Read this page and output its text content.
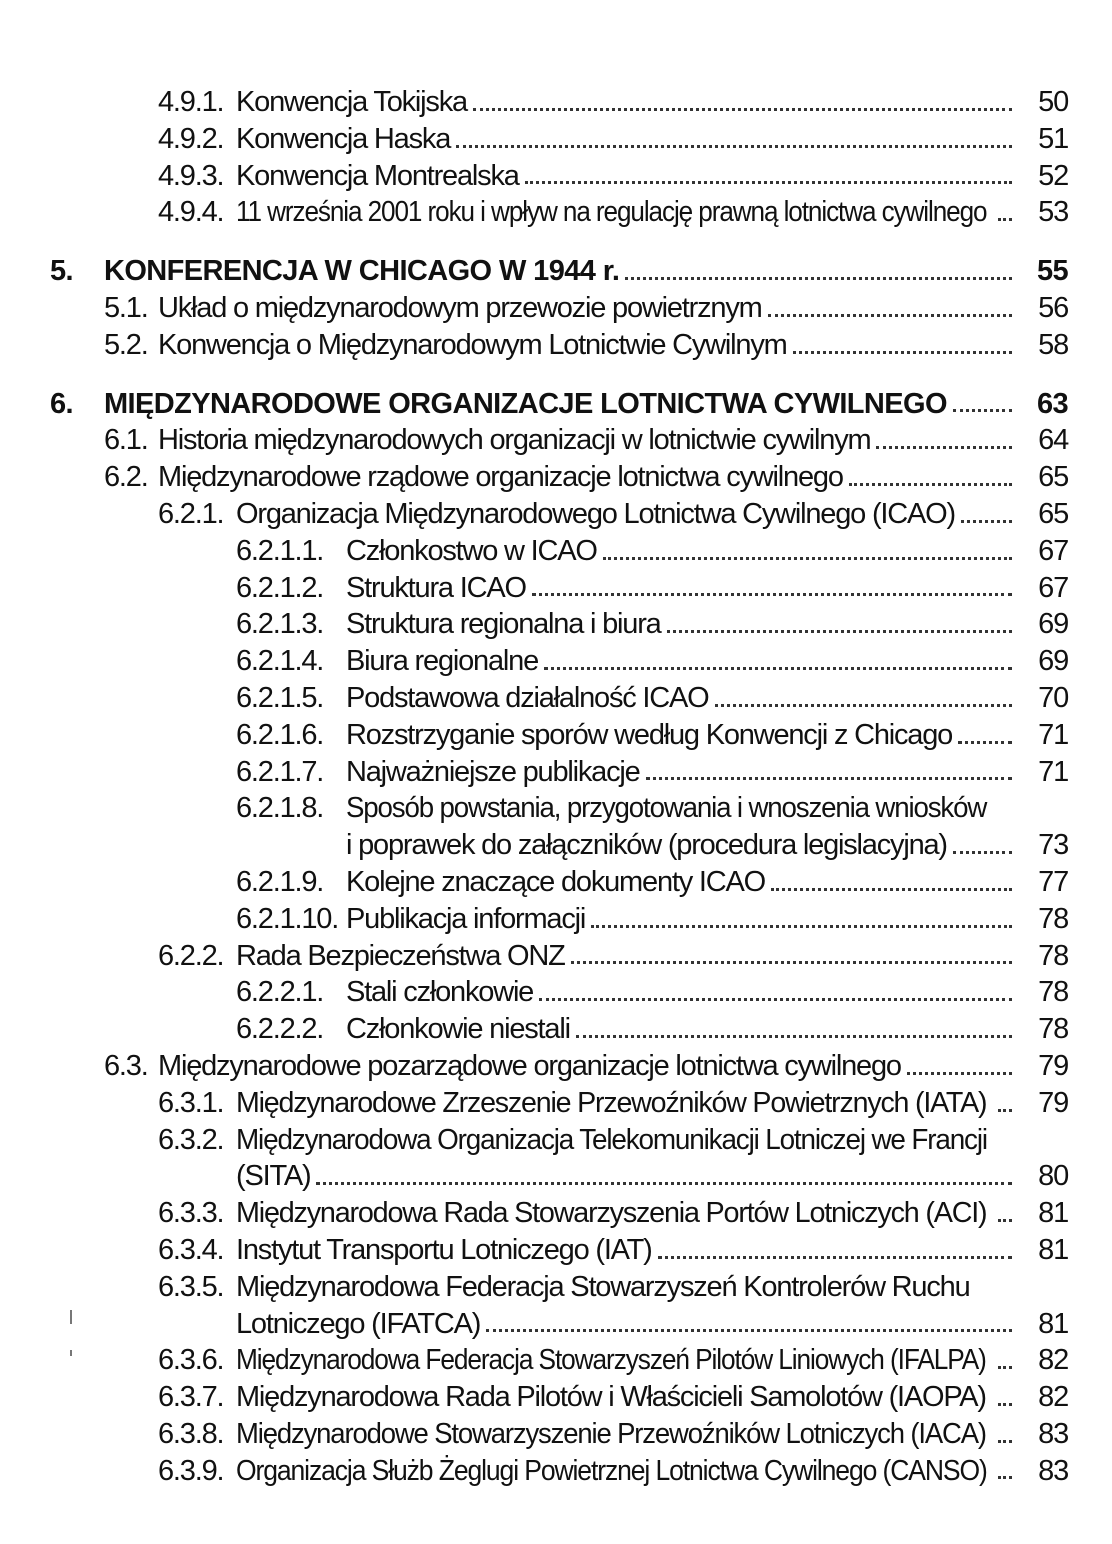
4.9.1. Konwencja Tokijska	50
4.9.2. Konwencja Haska	51
4.9.3. Konwencja Montrealska	52
4.9.4. 11 września 2001 roku i wpływ na regulację prawną lotnictwa cywilnego	53
5. KONFERENCJA W CHICAGO W 1944 r.	55
5.1. Układ o międzynarodowym przewozie powietrznym	56
5.2. Konwencja o Międzynarodowym Lotnictwie Cywilnym	58
6. MIĘDZYNARODOWE ORGANIZACJE LOTNICTWA CYWILNEGO	63
6.1. Historia międzynarodowych organizacji w lotnictwie cywilnym	64
6.2. Międzynarodowe rządowe organizacje lotnictwa cywilnego	65
6.2.1. Organizacja Międzynarodowego Lotnictwa Cywilnego (ICAO)	65
6.2.1.1. Członkostwo w ICAO	67
6.2.1.2. Struktura ICAO	67
6.2.1.3. Struktura regionalna i biura	69
6.2.1.4. Biura regionalne	69
6.2.1.5. Podstawowa działalność ICAO	70
6.2.1.6. Rozstrzyganie sporów według Konwencji z Chicago	71
6.2.1.7. Najważniejsze publikacje	71
6.2.1.8. Sposób powstania, przygotowania i wnoszenia wniosków
i poprawek do załączników (procedura legislacyjna)	73
6.2.1.9. Kolejne znaczące dokumenty ICAO	77
6.2.1.10. Publikacja informacji	78
6.2.2. Rada Bezpieczeństwa ONZ	78
6.2.2.1. Stali członkowie	78
6.2.2.2. Członkowie niestali	78
6.3. Międzynarodowe pozarządowe organizacje lotnictwa cywilnego	79
6.3.1. Międzynarodowe Zrzeszenie Przewoźników Powietrznych (IATA)	79
6.3.2. Międzynarodowa Organizacja Telekomunikacji Lotniczej we Francji
(SITA)	80
6.3.3. Międzynarodowa Rada Stowarzyszenia Portów Lotniczych (ACI)	81
6.3.4. Instytut Transportu Lotniczego (IAT)	81
6.3.5. Międzynarodowa Federacja Stowarzyszeń Kontrolerów Ruchu
Lotniczego (IFATCA)	81
6.3.6. Międzynarodowa Federacja Stowarzyszeń Pilotów Liniowych (IFALPA)	82
6.3.7. Międzynarodowa Rada Pilotów i Właścicieli Samolotów (IAOPA)	82
6.3.8. Międzynarodowe Stowarzyszenie Przewoźników Lotniczych (IACA)	83
6.3.9. Organizacja Służb Żeglugi Powietrznej Lotnictwa Cywilnego (CANSO)	83
